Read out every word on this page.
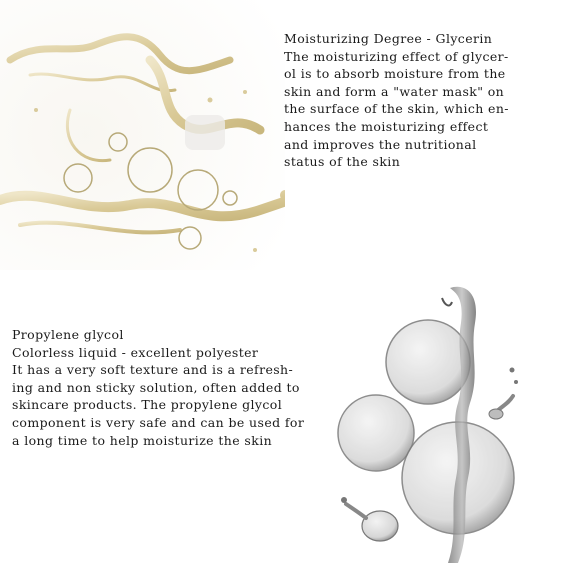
Moisturizing Degree - Glycerin

The moisturizing effect of glycer-

ol is to absorb moisture from the

skin and form a "water mask" on

the surface of the skin, which en-

hances the moisturizing effect

and improves the nutritional

status of the skin

Propylene glycol

Colorless liquid - excellent polyester

It has a very soft texture and is a refresh-

ing and non sticky solution, often added to

skincare products. The propylene glycol

component is very safe and can be used for

a long time to help moisturize the skin
